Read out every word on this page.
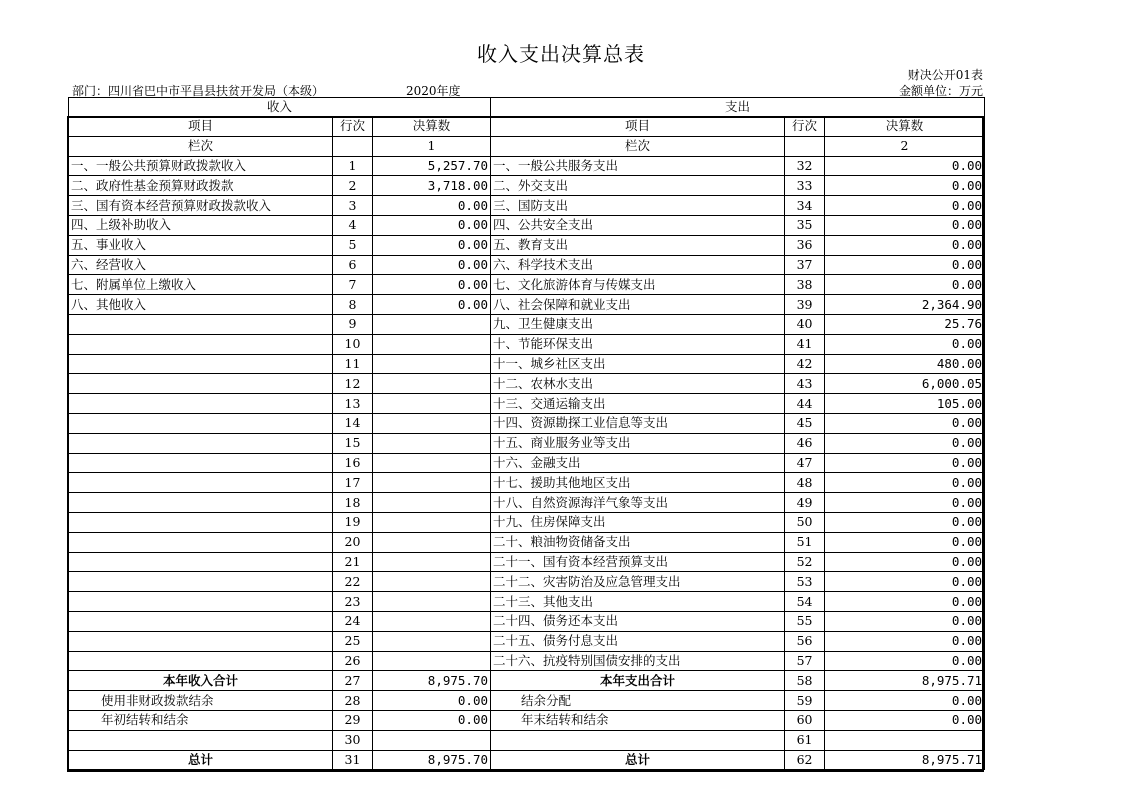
收入支出决算总表
财决公开01表
部门：四川省巴中市平昌县扶贫开发局（本级）	2020年度	金额单位：万元
收入			支出		
项目	行次	决算数	项目	行次	决算数
栏次		1	栏次		2
一、一般公共预算财政拨款收入	1	5,257.70	一、一般公共服务支出	32	0.00
二、政府性基金预算财政拨款	2	3,718.00	二、外交支出	33	0.00
三、国有资本经营预算财政拨款收入	3	0.00	三、国防支出	34	0.00
四、上级补助收入	4	0.00	四、公共安全支出	35	0.00
五、事业收入	5	0.00	五、教育支出	36	0.00
六、经营收入	6	0.00	六、科学技术支出	37	0.00
七、附属单位上缴收入	7	0.00	七、文化旅游体育与传媒支出	38	0.00
八、其他收入	8	0.00	八、社会保障和就业支出	39	2,364.90
	9		九、卫生健康支出	40	25.76
	10		十、节能环保支出	41	0.00
	11		十一、城乡社区支出	42	480.00
	12		十二、农林水支出	43	6,000.05
	13		十三、交通运输支出	44	105.00
	14		十四、资源勘探工业信息等支出	45	0.00
	15		十五、商业服务业等支出	46	0.00
	16		十六、金融支出	47	0.00
	17		十七、援助其他地区支出	48	0.00
	18		十八、自然资源海洋气象等支出	49	0.00
	19		十九、住房保障支出	50	0.00
	20		二十、粮油物资储备支出	51	0.00
	21		二十一、国有资本经营预算支出	52	0.00
	22		二十二、灾害防治及应急管理支出	53	0.00
	23		二十三、其他支出	54	0.00
	24		二十四、债务还本支出	55	0.00
	25		二十五、债务付息支出	56	0.00
	26		二十六、抗疫特别国债安排的支出	57	0.00
本年收入合计	27	8,975.70	本年支出合计	58	8,975.71
使用非财政拨款结余	28	0.00	结余分配	59	0.00
年初结转和结余	29	0.00	年末结转和结余	60	0.00
	30			61	
总计	31	8,975.70	总计	62	8,975.71
